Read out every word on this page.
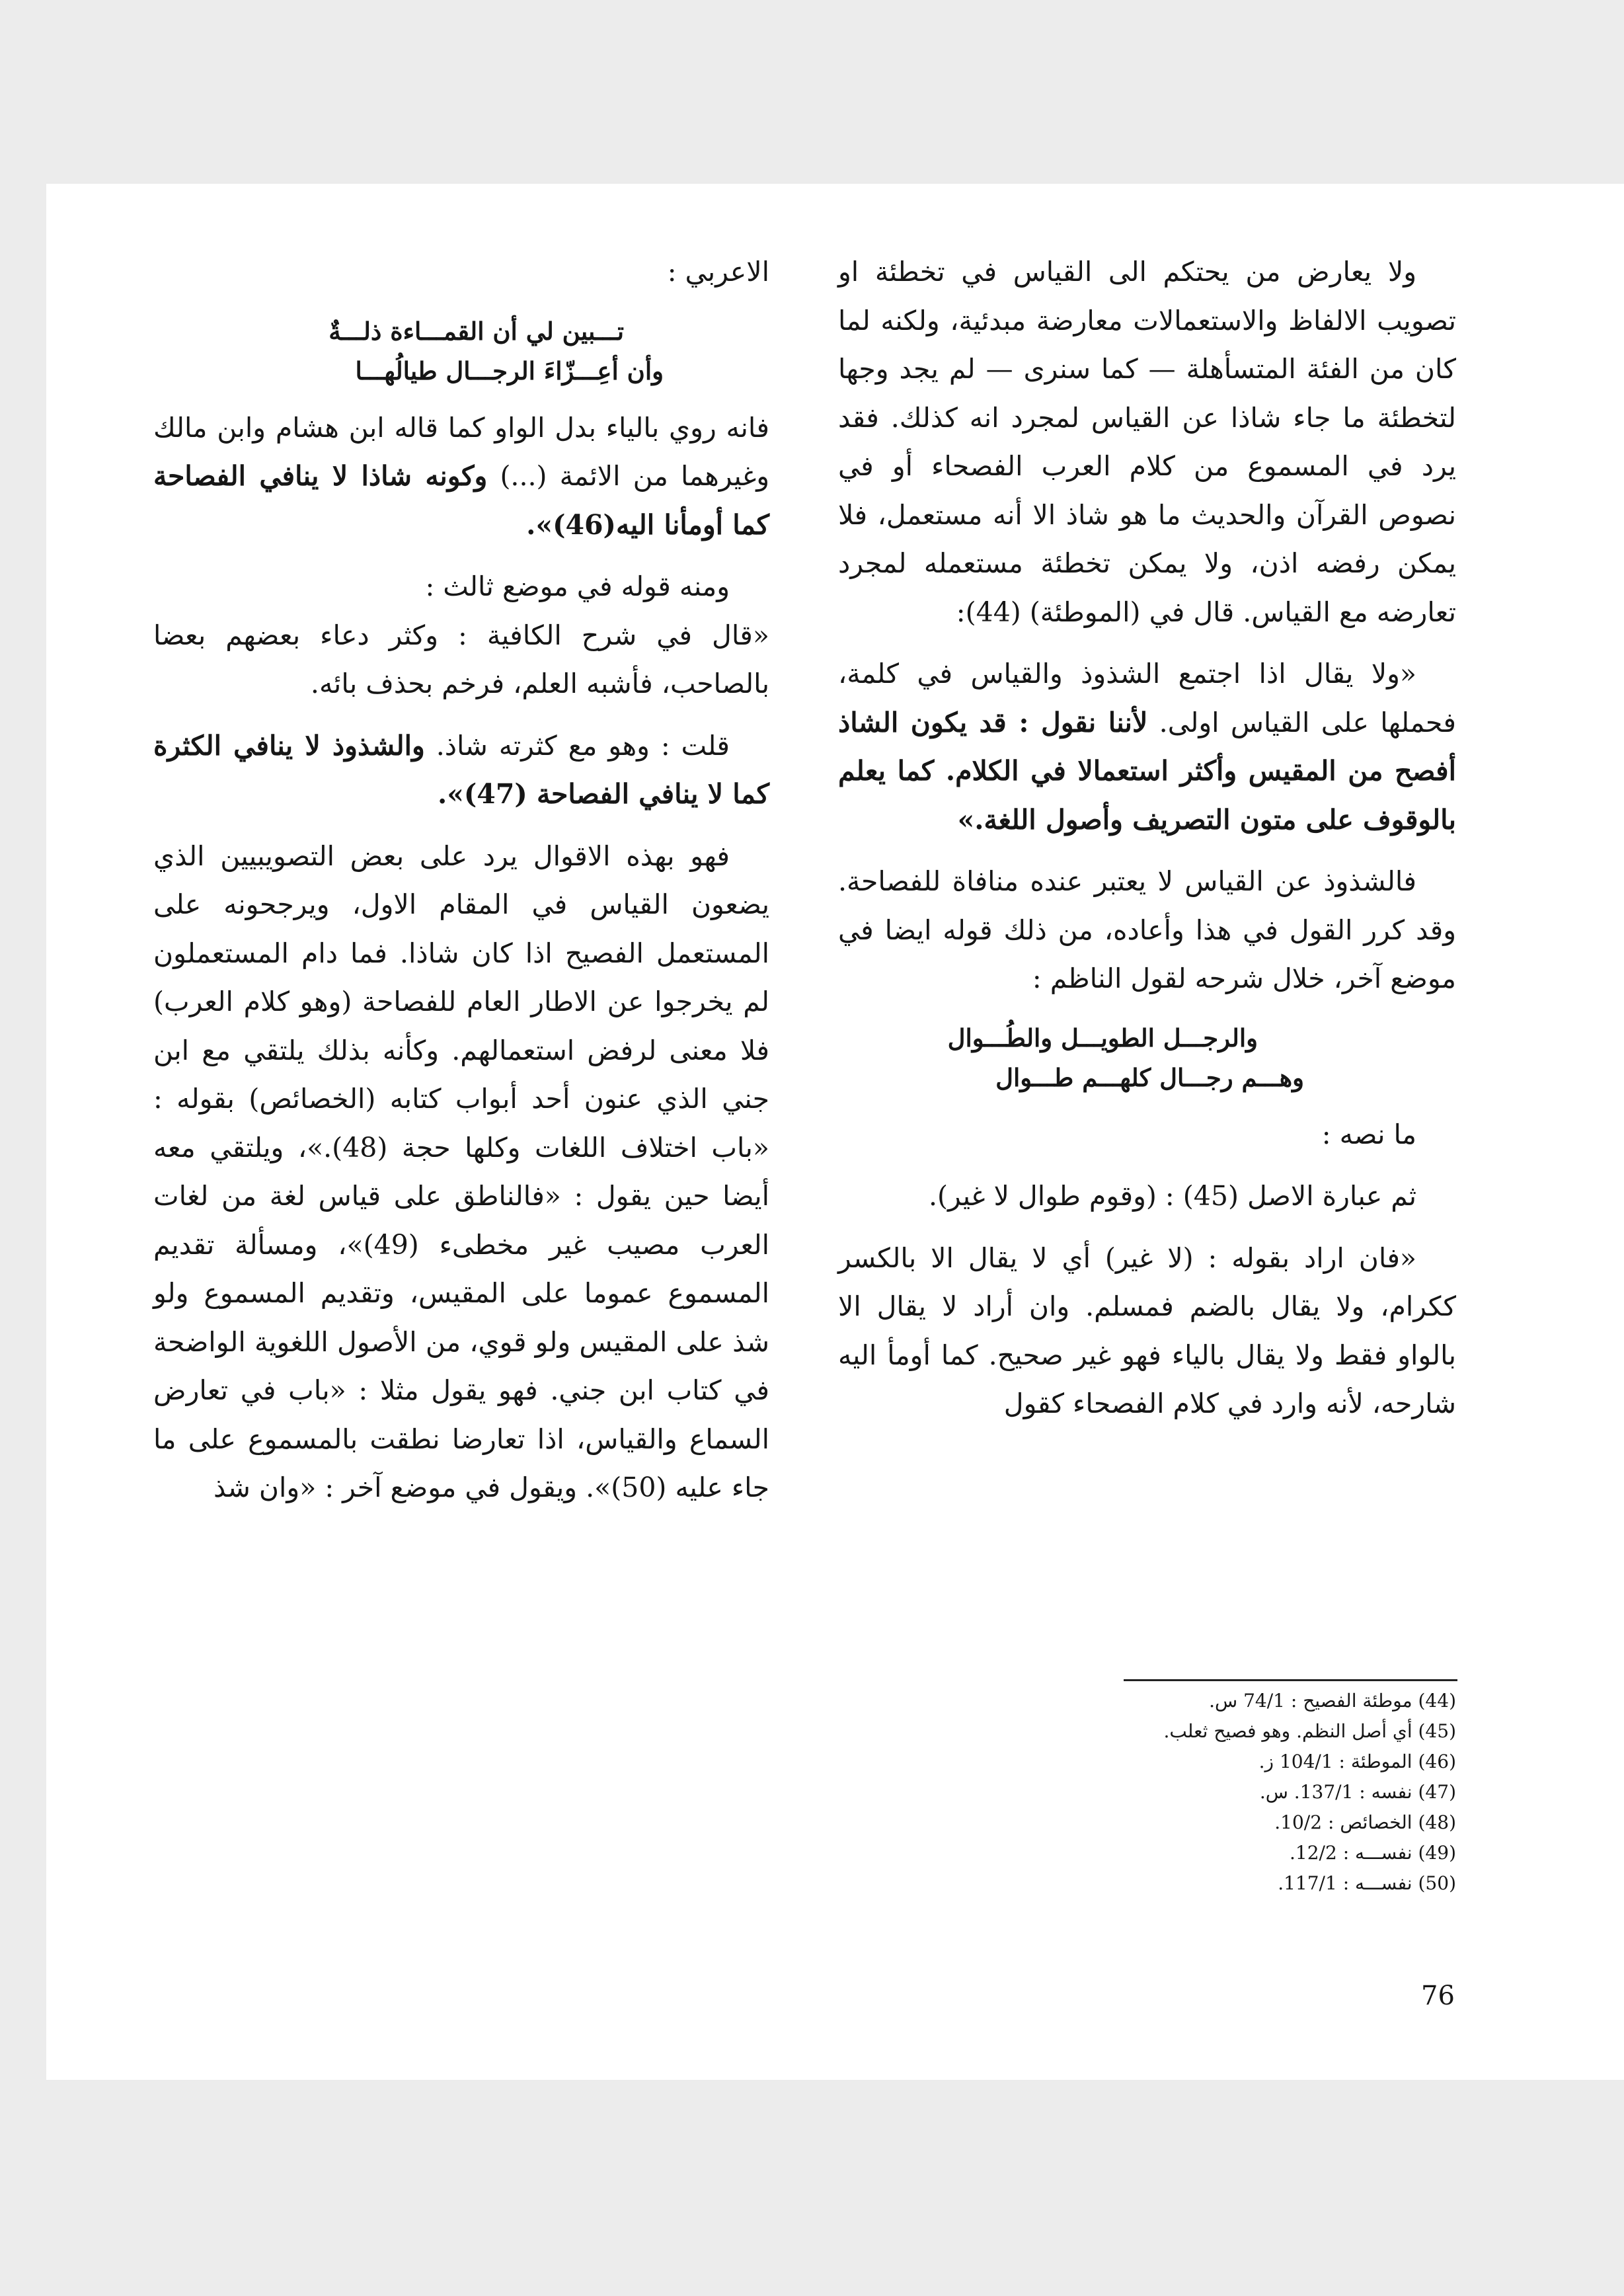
ولا يعارض من يحتكم الى القياس في تخطئة او تصويب الالفاظ والاستعمالات معارضة مبدئية، ولكنه لما كان من الفئة المتسأهلة — كما سنرى — لم يجد وجها لتخطئة ما جاء شاذا عن القياس لمجرد انه كذلك. فقد يرد في المسموع من كلام العرب الفصحاء أو في نصوص القرآن والحديث ما هو شاذ الا أنه مستعمل، فلا يمكن رفضه اذن، ولا يمكن تخطئة مستعمله لمجرد تعارضه مع القياس. قال في (الموطئة) (44):

«ولا يقال اذا اجتمع الشذوذ والقياس في كلمة، فحملها على القياس اولى. لأننا نقول : قد يكون الشاذ أفصح من المقيس وأكثر استعمالا في الكلام. كما يعلم بالوقوف على متون التصريف وأصول اللغة.»

فالشذوذ عن القياس لا يعتبر عنده منافاة للفصاحة. وقد كرر القول في هذا وأعاده، من ذلك قوله ايضا في موضع آخر، خلال شرحه لقول الناظم :

والرجـــل الطويـــل والطُـــوال
وهـــم رجـــال كلهـــم طـــوال

ما نصه :

ثم عبارة الاصل (45) : (وقوم طوال لا غير).

«فان اراد بقوله : (لا غير) أي لا يقال الا بالكسر ككرام، ولا يقال بالضم فمسلم. وان أراد لا يقال الا بالواو فقط ولا يقال بالياء فهو غير صحيح. كما أومأ اليه شارحه، لأنه وارد في كلام الفصحاء كقول

الاعربي :

تـــبين لي أن القمـــاءة ذلـــةٌ
وأن أعِـــزّاءَ الرجـــال طيالُهـــا

فانه روي بالياء بدل الواو كما قاله ابن هشام وابن مالك وغيرهما من الائمة (...) وكونه شاذا لا ينافي الفصاحة كما أومأنا اليه(46)».

ومنه قوله في موضع ثالث :

«قال في شرح الكافية : وكثر دعاء بعضهم بعضا بالصاحب، فأشبه العلم، فرخم بحذف بائه.

قلت : وهو مع كثرته شاذ. والشذوذ لا ينافي الكثرة كما لا ينافي الفصاحة (47)».

فهو بهذه الاقوال يرد على بعض التصويبيين الذي يضعون القياس في المقام الاول، ويرجحونه على المستعمل الفصيح اذا كان شاذا. فما دام المستعملون لم يخرجوا عن الاطار العام للفصاحة (وهو كلام العرب) فلا معنى لرفض استعمالهم. وكأنه بذلك يلتقي مع ابن جني الذي عنون أحد أبواب كتابه (الخصائص) بقوله : «باب اختلاف اللغات وكلها حجة (48).»، ويلتقي معه أيضا حين يقول : «فالناطق على قياس لغة من لغات العرب مصيب غير مخطىء (49)»، ومسألة تقديم المسموع عموما على المقيس، وتقديم المسموع ولو شذ على المقيس ولو قوي، من الأصول اللغوية الواضحة في كتاب ابن جني. فهو يقول مثلا : «باب في تعارض السماع والقياس، اذا تعارضا نطقت بالمسموع على ما جاء عليه (50)». ويقول في موضع آخر : «وان شذ

(44) موطئة الفصيح : 74/1 س.
(45) أي أصل النظم. وهو فصيح ثعلب.
(46) الموطئة : 104/1 ز.
(47) نفسه : 137/1. س.
(48) الخصائص : 10/2.
(49) نفســـه : 12/2.
(50) نفســـه : 117/1.
76
